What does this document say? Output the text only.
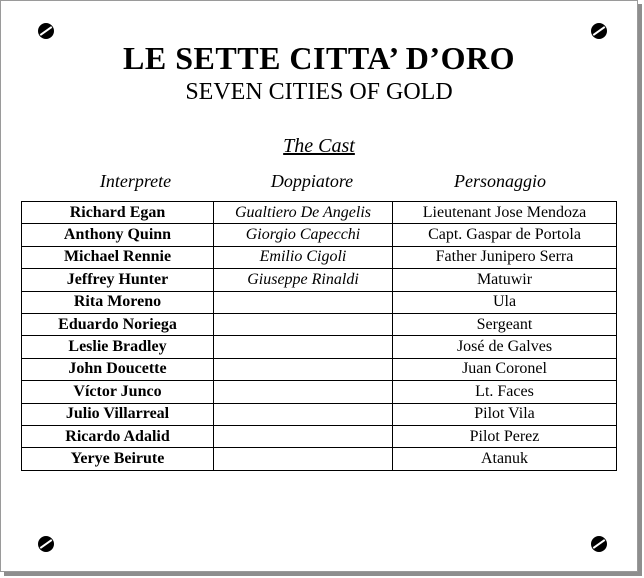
LE SETTE CITTA’ D’ORO
SEVEN CITIES OF GOLD
The Cast
Interprete	Doppiatore	Personaggio
Richard Egan	Gualtiero De Angelis	Lieutenant Jose Mendoza
Anthony Quinn	Giorgio Capecchi	Capt. Gaspar de Portola
Michael Rennie	Emilio Cigoli	Father Junipero Serra
Jeffrey Hunter	Giuseppe Rinaldi	Matuwir
Rita Moreno		Ula
Eduardo Noriega		Sergeant
Leslie Bradley		José de Galves
John Doucette		Juan Coronel
Víctor Junco		Lt. Faces
Julio Villarreal		Pilot Vila
Ricardo Adalid		Pilot Perez
Yerye Beirute		Atanuk
